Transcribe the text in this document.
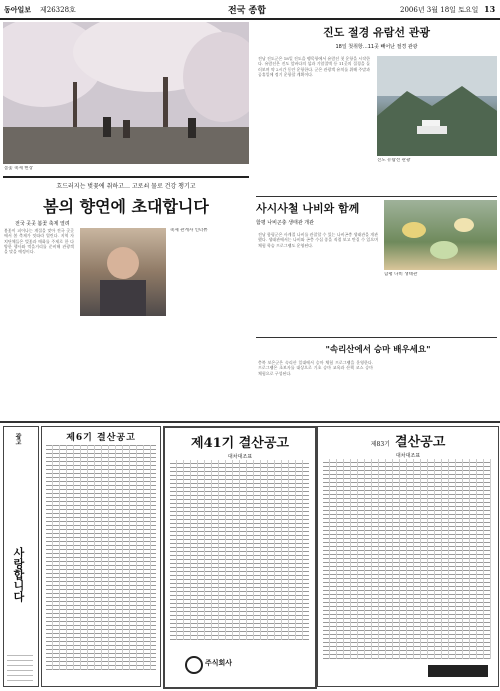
동아일보 제26328호	전국 종합	2006년 3월 18일 토요일 13
봄꽃 축제 현장
진도 절경 유람선 관광
18일 첫취항…11곳 빼어난 절경 관광
전남 진도군은 18일 진도읍 팽목항에서 유람선 첫 운항을 시작한다. 유람선은 진도 앞바다의 섬과 기암절벽 등 11곳의 절경을 둘러보며 약 2시간 동안 운항한다. 군은 관광객 유치를 위해 주말과 공휴일에 정기 운항할 계획이다.
진도 유람선 관광
사시사철 나비와 함께
함평 나비곤충 생태관 개관
전남 함평군은 사계절 나비를 관찰할 수 있는 나비곤충 생태관을 개관했다. 생태관에서는 나비와 곤충 수십 종을 직접 보고 만질 수 있으며 체험 학습 프로그램도 운영된다.
함평 나비 생태관
"속리산에서 승마 배우세요"
충북 보은군은 속리산 일대에서 승마 체험 프로그램을 운영한다. 프로그램은 초보자를 대상으로 기초 승마 교육과 산책 코스 승마 체험으로 구성된다.
흐드러지는 벚꽃에 취하고… 고로쇠 물로 건강 챙기고
봄의 향연에 초대합니다
전국 곳곳 봄꽃 축제 열려
봄꽃이 피어나는 계절을 맞아 전국 곳곳에서 봄 축제가 잇따라 열린다. 지역 자치단체들은 벚꽃과 매화를 주제로 한 다양한 행사와 먹을거리를 준비해 관광객을 맞을 예정이다.
축제 관계자 인터뷰
광고
사랑합니다
제6기 결산공고	제41기 결산공고
대차대조표
주식회사
제83기 결산공고
대차대조표
